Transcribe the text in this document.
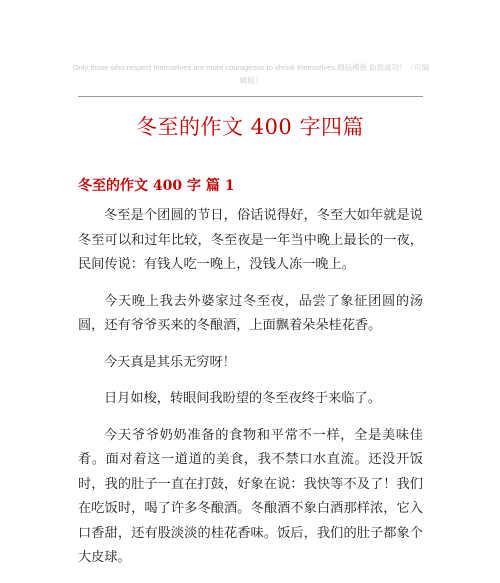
Only those who respect themselves are more courageous to shrink themselves.精品模板 助您成功！（可编辑版）
冬至的作文 400 字四篇
冬至的作文 400 字 篇 1

冬至是个团圆的节日，俗话说得好，冬至大如年就是说冬至可以和过年比较，冬至夜是一年当中晚上最长的一夜，民间传说：有钱人吃一晚上，没钱人冻一晚上。

今天晚上我去外婆家过冬至夜，品尝了象征团圆的汤圆，还有爷爷买来的冬酿酒，上面飘着朵朵桂花香。

今天真是其乐无穷呀！

日月如梭，转眼间我盼望的冬至夜终于来临了。

今天爷爷奶奶准备的食物和平常不一样，全是美味佳肴。面对着这一道道的美食，我不禁口水直流。还没开饭时，我的肚子一直在打鼓，好象在说：我快等不及了！我们在吃饭时，喝了许多冬酿酒。冬酿酒不象白酒那样浓，它入口香甜，还有股淡淡的桂花香味。饭后，我们的肚子都象个大皮球。
